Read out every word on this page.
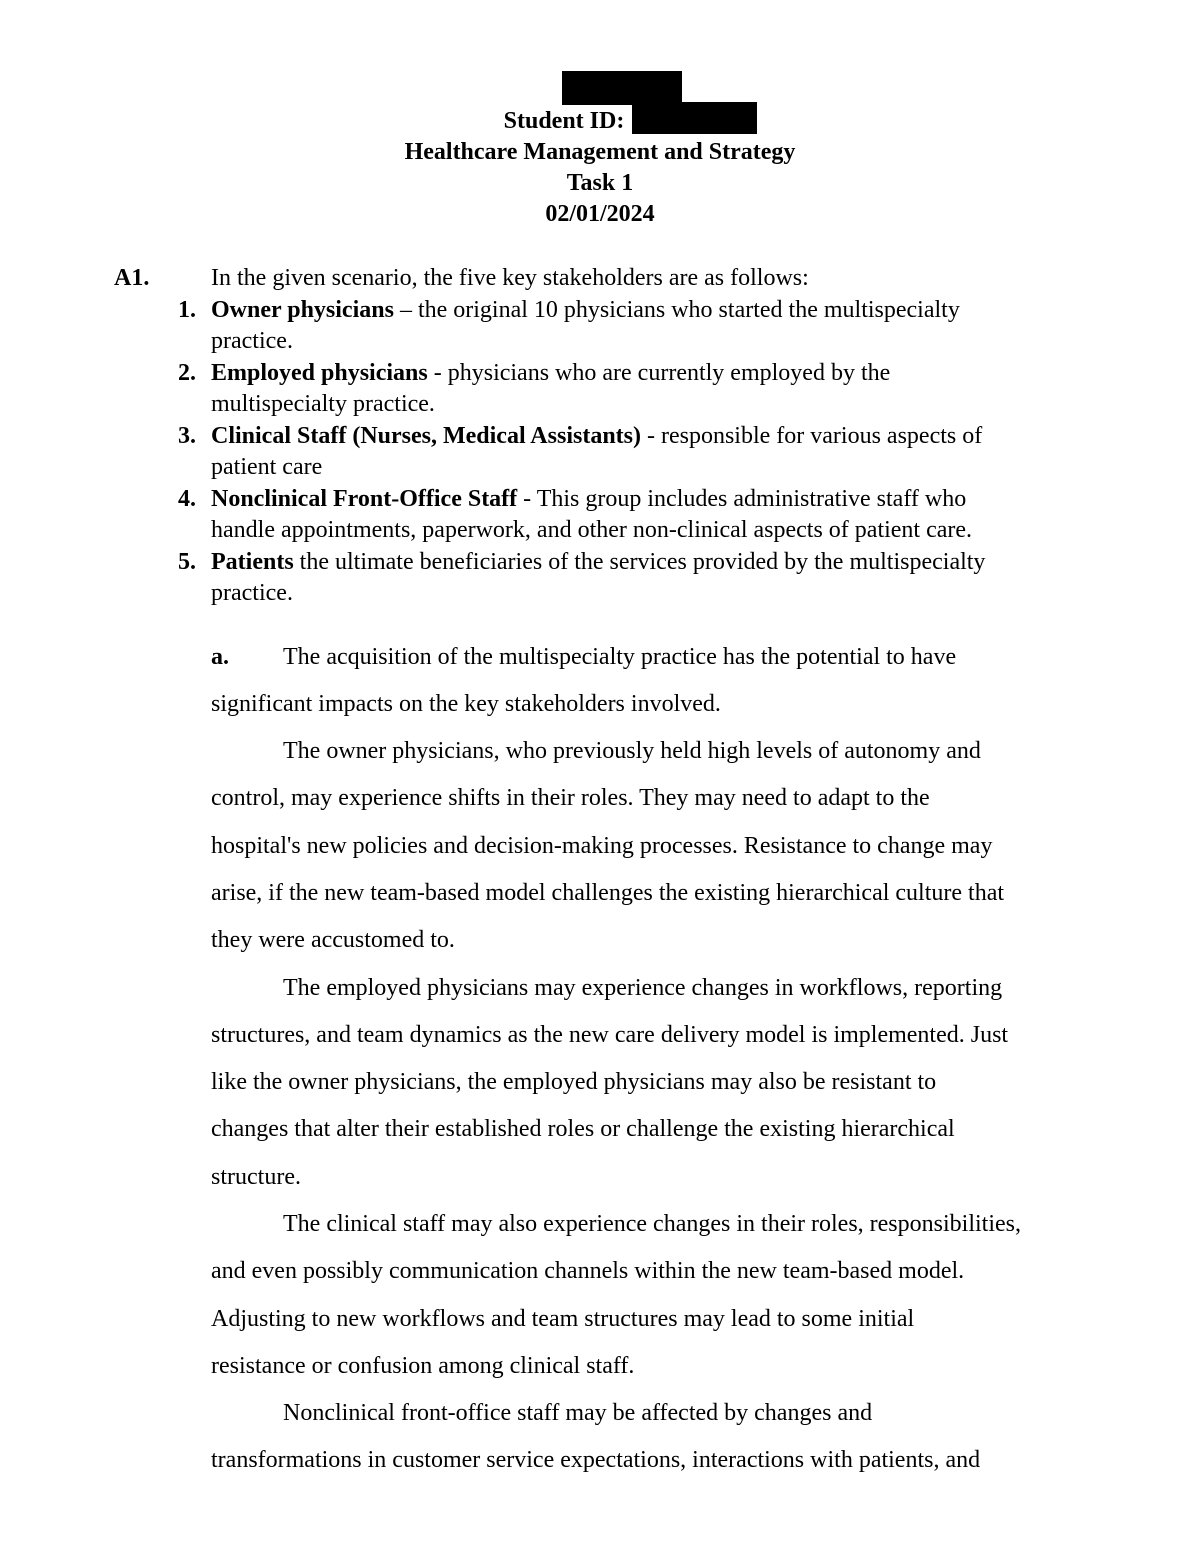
Student ID:
Healthcare Management and Strategy
Task 1
02/01/2024
A1.	In the given scenario, the five key stakeholders are as follows:
1. Owner physicians – the original 10 physicians who started the multispecialty
practice.
2. Employed physicians - physicians who are currently employed by the
multispecialty practice.
3. Clinical Staff (Nurses, Medical Assistants) - responsible for various aspects of
patient care
4. Nonclinical Front-Office Staff - This group includes administrative staff who
handle appointments, paperwork, and other non-clinical aspects of patient care.
5. Patients the ultimate beneficiaries of the services provided by the multispecialty
practice.
a. The acquisition of the multispecialty practice has the potential to have
significant impacts on the key stakeholders involved.
The owner physicians, who previously held high levels of autonomy and
control, may experience shifts in their roles. They may need to adapt to the
hospital's new policies and decision-making processes. Resistance to change may
arise, if the new team-based model challenges the existing hierarchical culture that
they were accustomed to.
The employed physicians may experience changes in workflows, reporting
structures, and team dynamics as the new care delivery model is implemented. Just
like the owner physicians, the employed physicians may also be resistant to
changes that alter their established roles or challenge the existing hierarchical
structure.
The clinical staff may also experience changes in their roles, responsibilities,
and even possibly communication channels within the new team-based model.
Adjusting to new workflows and team structures may lead to some initial
resistance or confusion among clinical staff.
Nonclinical front-office staff may be affected by changes and
transformations in customer service expectations, interactions with patients, and
